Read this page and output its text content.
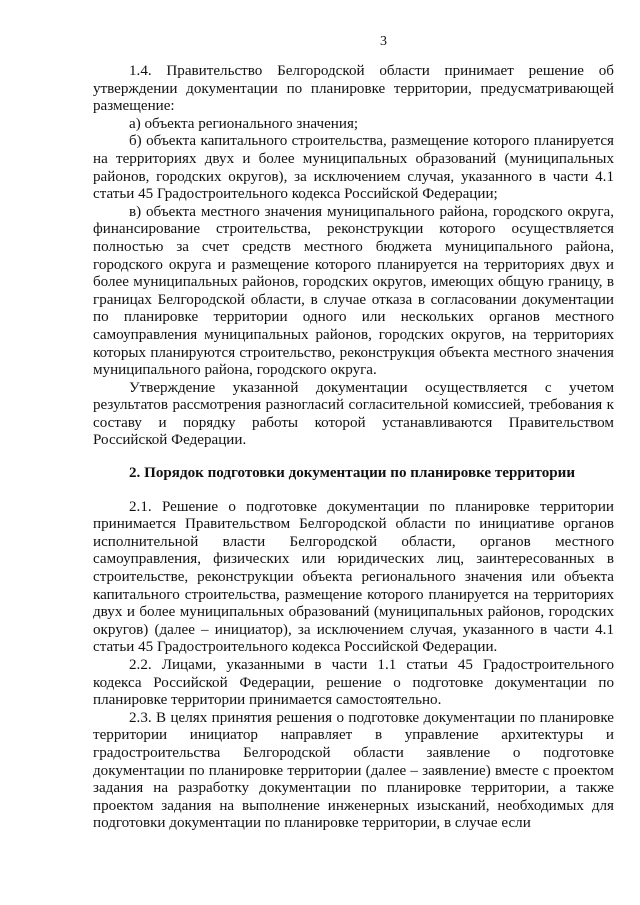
3

1.4. Правительство Белгородской области принимает решение об утверждении документации по планировке территории, предусматривающей размещение:

а) объекта регионального значения;

б) объекта капитального строительства, размещение которого планируется на территориях двух и более муниципальных образований (муниципальных районов, городских округов), за исключением случая, указанного в части 4.1 статьи 45 Градостроительного кодекса Российской Федерации;

в) объекта местного значения муниципального района, городского округа, финансирование строительства, реконструкции которого осуществляется полностью за счет средств местного бюджета муниципального района, городского округа и размещение которого планируется на территориях двух и более муниципальных районов, городских округов, имеющих общую границу, в границах Белгородской области, в случае отказа в согласовании документации по планировке территории одного или нескольких органов местного самоуправления муниципальных районов, городских округов, на территориях которых планируются строительство, реконструкция объекта местного значения муниципального района, городского округа.

Утверждение указанной документации осуществляется с учетом результатов рассмотрения разногласий согласительной комиссией, требования к составу и порядку работы которой устанавливаются Правительством Российской Федерации.

2. Порядок подготовки документации по планировке территории

2.1. Решение о подготовке документации по планировке территории принимается Правительством Белгородской области по инициативе органов исполнительной власти Белгородской области, органов местного самоуправления, физических или юридических лиц, заинтересованных в строительстве, реконструкции объекта регионального значения или объекта капитального строительства, размещение которого планируется на территориях двух и более муниципальных образований (муниципальных районов, городских округов) (далее – инициатор), за исключением случая, указанного в части 4.1 статьи 45 Градостроительного кодекса Российской Федерации.

2.2. Лицами, указанными в части 1.1 статьи 45 Градостроительного кодекса Российской Федерации, решение о подготовке документации по планировке территории принимается самостоятельно.

2.3. В целях принятия решения о подготовке документации по планировке территории инициатор направляет в управление архитектуры и градостроительства Белгородской области заявление о подготовке документации по планировке территории (далее – заявление) вместе с проектом задания на разработку документации по планировке территории, а также проектом задания на выполнение инженерных изысканий, необходимых для подготовки документации по планировке территории, в случае если
